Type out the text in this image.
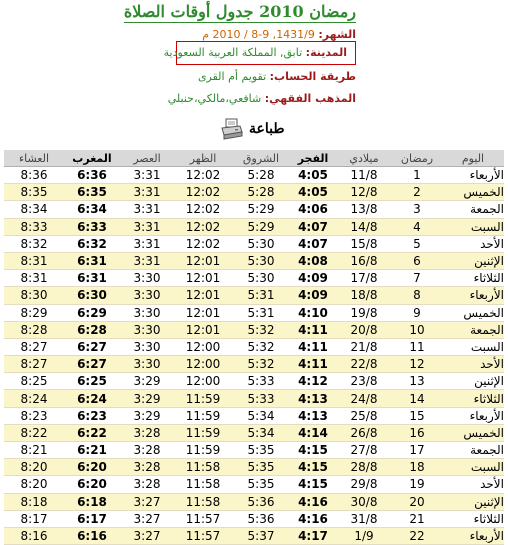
رمضان 2010 جدول أوقات الصلاة
الشهر: 1431/9, 9-8 / 2010 م
المدينة: تابق, المملكة العربية السعودية
طريقة الحساب: تقويم أم القرى
المذهب الفقهي: شافعي،مالكي،حنبلي
طباعة
اليوم	رمضان	ميلادي	الفجر	الشروق	الظهر	العصر	المغرب	العشاء
الأربعاء	1	11/8	4:05	5:28	12:02	3:31	6:36	8:36
الخميس	2	12/8	4:05	5:28	12:02	3:31	6:35	8:35
الجمعة	3	13/8	4:06	5:29	12:02	3:31	6:34	8:34
السبت	4	14/8	4:07	5:29	12:02	3:31	6:33	8:33
الأحد	5	15/8	4:07	5:30	12:02	3:31	6:32	8:32
الإثنين	6	16/8	4:08	5:30	12:01	3:31	6:31	8:31
الثلاثاء	7	17/8	4:09	5:30	12:01	3:30	6:31	8:31
الأربعاء	8	18/8	4:09	5:31	12:01	3:30	6:30	8:30
الخميس	9	19/8	4:10	5:31	12:01	3:30	6:29	8:29
الجمعة	10	20/8	4:11	5:32	12:01	3:30	6:28	8:28
السبت	11	21/8	4:11	5:32	12:00	3:30	6:27	8:27
الأحد	12	22/8	4:11	5:32	12:00	3:30	6:27	8:27
الإثنين	13	23/8	4:12	5:33	12:00	3:29	6:25	8:25
الثلاثاء	14	24/8	4:13	5:33	11:59	3:29	6:24	8:24
الأربعاء	15	25/8	4:13	5:34	11:59	3:29	6:23	8:23
الخميس	16	26/8	4:14	5:34	11:59	3:28	6:22	8:22
الجمعة	17	27/8	4:15	5:35	11:59	3:28	6:21	8:21
السبت	18	28/8	4:15	5:35	11:58	3:28	6:20	8:20
الأحد	19	29/8	4:15	5:35	11:58	3:28	6:20	8:20
الإثنين	20	30/8	4:16	5:36	11:58	3:27	6:18	8:18
الثلاثاء	21	31/8	4:16	5:36	11:57	3:27	6:17	8:17
الأربعاء	22	1/9	4:17	5:37	11:57	3:27	6:16	8:16
